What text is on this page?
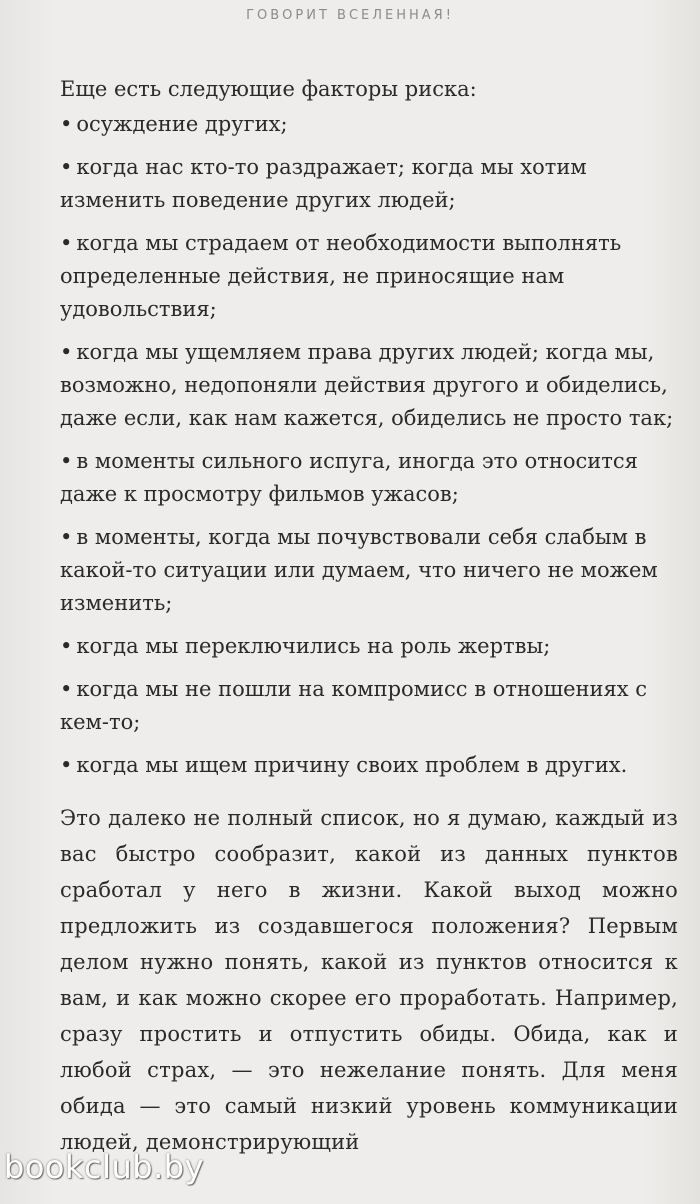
ГОВОРИТ ВСЕЛЕННАЯ!

Еще есть следующие факторы риска:

• осуждение других;

• когда нас кто-то раздражает; когда мы хотим изменить поведение других людей;

• когда мы страдаем от необходимости выполнять определенные действия, не приносящие нам удовольствия;

• когда мы ущемляем права других людей; когда мы, возможно, недопоняли действия другого и обиделись, даже если, как нам кажется, обиделись не просто так;

• в моменты сильного испуга, иногда это относится даже к просмотру фильмов ужасов;

• в моменты, когда мы почувствовали себя слабым в какой-то ситуации или думаем, что ничего не можем изменить;

• когда мы переключились на роль жертвы;

• когда мы не пошли на компромисс в отношениях с кем-то;

• когда мы ищем причину своих проблем в других.

Это далеко не полный список, но я думаю, каждый из вас быстро сообразит, какой из данных пунктов сработал у него в жизни. Какой выход можно предложить из создавшегося положения? Первым делом нужно понять, какой из пунктов относится к вам, и как можно скорее его проработать. Например, сразу простить и отпустить обиды. Обида, как и любой страх, — это нежелание понять. Для меня обида — это самый низкий уровень коммуникации людей, демонстрирующий

bookclub.by
